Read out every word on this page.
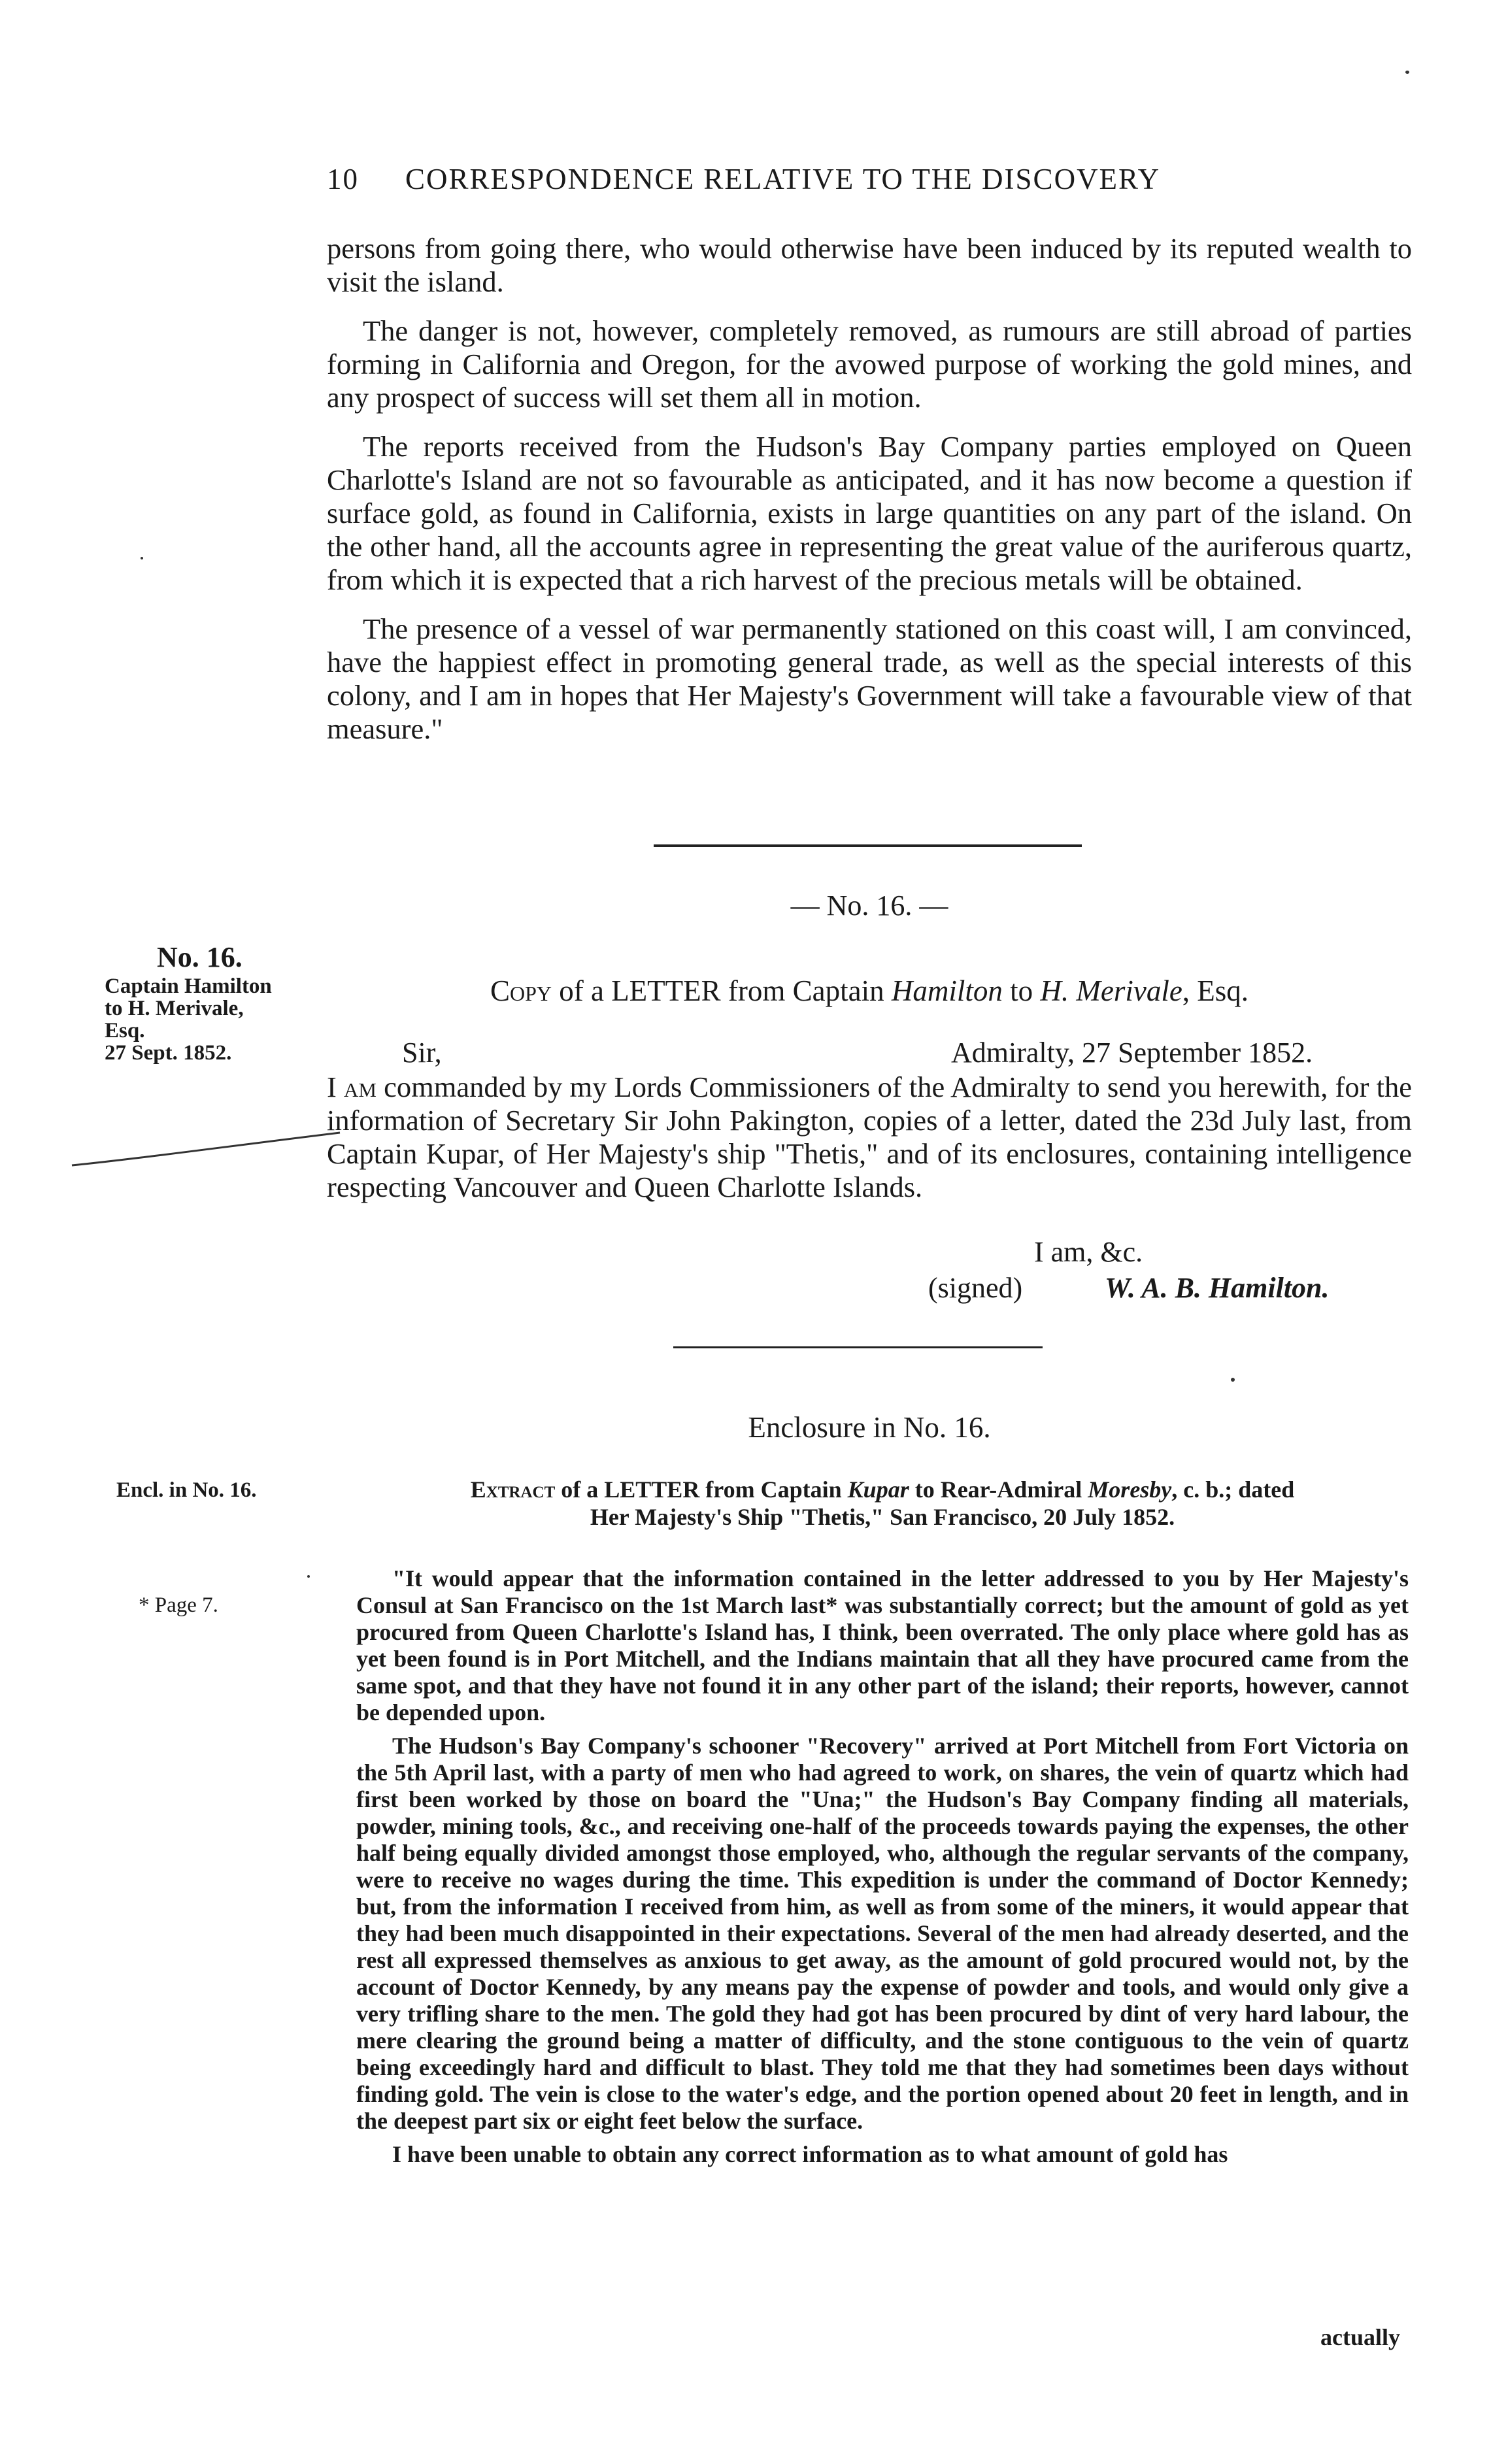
10 CORRESPONDENCE RELATIVE TO THE DISCOVERY

persons from going there, who would otherwise have been induced by its reputed wealth to visit the island.

The danger is not, however, completely removed, as rumours are still abroad of parties forming in California and Oregon, for the avowed purpose of working the gold mines, and any prospect of success will set them all in motion.

The reports received from the Hudson's Bay Company parties employed on Queen Charlotte's Island are not so favourable as anticipated, and it has now become a question if surface gold, as found in California, exists in large quantities on any part of the island. On the other hand, all the accounts agree in representing the great value of the auriferous quartz, from which it is expected that a rich harvest of the precious metals will be obtained.

The presence of a vessel of war permanently stationed on this coast will, I am convinced, have the happiest effect in promoting general trade, as well as the special interests of this colony, and I am in hopes that Her Majesty's Government will take a favourable view of that measure."

— No. 16. —
No. 16.
Captain Hamilton
to H. Merivale,
Esq.
27 Sept. 1852.
Copy of a LETTER from Captain Hamilton to H. Merivale, Esq.
Sir,	Admiralty, 27 September 1852.

I am commanded by my Lords Commissioners of the Admiralty to send you herewith, for the information of Secretary Sir John Pakington, copies of a letter, dated the 23d July last, from Captain Kupar, of Her Majesty's ship "Thetis," and of its enclosures, containing intelligence respecting Vancouver and Queen Charlotte Islands.

I am, &c.
(signed)	W. A. B. Hamilton.
Enclosure in No. 16.
Encl. in No. 16.
* Page 7.
Extract of a LETTER from Captain Kupar to Rear-Admiral Moresby, c. b.; dated
Her Majesty's Ship "Thetis," San Francisco, 20 July 1852.

"It would appear that the information contained in the letter addressed to you by Her Majesty's Consul at San Francisco on the 1st March last* was substantially correct; but the amount of gold as yet procured from Queen Charlotte's Island has, I think, been overrated. The only place where gold has as yet been found is in Port Mitchell, and the Indians maintain that all they have procured came from the same spot, and that they have not found it in any other part of the island; their reports, however, cannot be depended upon.

The Hudson's Bay Company's schooner "Recovery" arrived at Port Mitchell from Fort Victoria on the 5th April last, with a party of men who had agreed to work, on shares, the vein of quartz which had first been worked by those on board the "Una;" the Hudson's Bay Company finding all materials, powder, mining tools, &c., and receiving one-half of the proceeds towards paying the expenses, the other half being equally divided amongst those employed, who, although the regular servants of the company, were to receive no wages during the time. This expedition is under the command of Doctor Kennedy; but, from the information I received from him, as well as from some of the miners, it would appear that they had been much disappointed in their expectations. Several of the men had already deserted, and the rest all expressed themselves as anxious to get away, as the amount of gold procured would not, by the account of Doctor Kennedy, by any means pay the expense of powder and tools, and would only give a very trifling share to the men. The gold they had got has been procured by dint of very hard labour, the mere clearing the ground being a matter of difficulty, and the stone contiguous to the vein of quartz being exceedingly hard and difficult to blast. They told me that they had sometimes been days without finding gold. The vein is close to the water's edge, and the portion opened about 20 feet in length, and in the deepest part six or eight feet below the surface.

I have been unable to obtain any correct information as to what amount of gold has

actually
